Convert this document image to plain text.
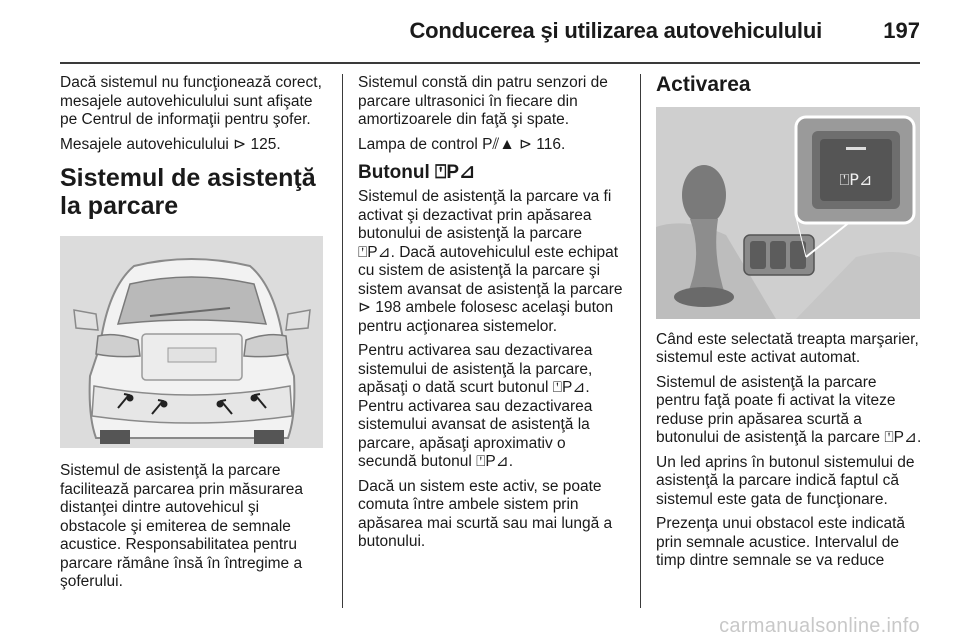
Conducerea şi utilizarea autovehiculului	197

Dacă sistemul nu funcţionează corect, mesajele autovehiculului sunt afişate pe Centrul de informaţii pentru şofer.

Mesajele autovehiculului ⊳ 125.

Sistemul de asistenţă la parcare

Sistemul de asistenţă la parcare facilitează parcarea prin măsurarea distanţei dintre autovehicul şi obstacole şi emiterea de semnale acustice. Responsabilitatea pentru parcare rămâne însă în întregime a şoferului.

Sistemul constă din patru senzori de parcare ultrasonici în fiecare din amortizoarele din faţă şi spate.

Lampa de control P⫽▲ ⊳ 116.

Butonul ⍞P⊿

Sistemul de asistenţă la parcare va fi activat şi dezactivat prin apăsarea butonului de asistenţă la parcare ⍞P⊿. Dacă autovehiculul este echipat cu sistem de asistenţă la parcare şi sistem avansat de asistenţă la parcare ⊳ 198 ambele folosesc acelaşi buton pentru acţionarea sistemelor.

Pentru activarea sau dezactivarea sistemului de asistenţă la parcare, apăsaţi o dată scurt butonul ⍞P⊿. Pentru activarea sau dezactivarea sistemului avansat de asistenţă la parcare, apăsaţi aproximativ o secundă butonul ⍞P⊿.

Dacă un sistem este activ, se poate comuta între ambele sistem prin apăsarea mai scurtă sau mai lungă a butonului.

Activarea
⍞P⊿

Când este selectată treapta marşarier, sistemul este activat automat.

Sistemul de asistenţă la parcare pentru faţă poate fi activat la viteze reduse prin apăsarea scurtă a butonului de asistenţă la parcare ⍞P⊿.

Un led aprins în butonul sistemului de asistenţă la parcare indică faptul că sistemul este gata de funcţionare.

Prezenţa unui obstacol este indicată prin semnale acustice. Intervalul de timp dintre semnale se va reduce

carmanualsonline.info
